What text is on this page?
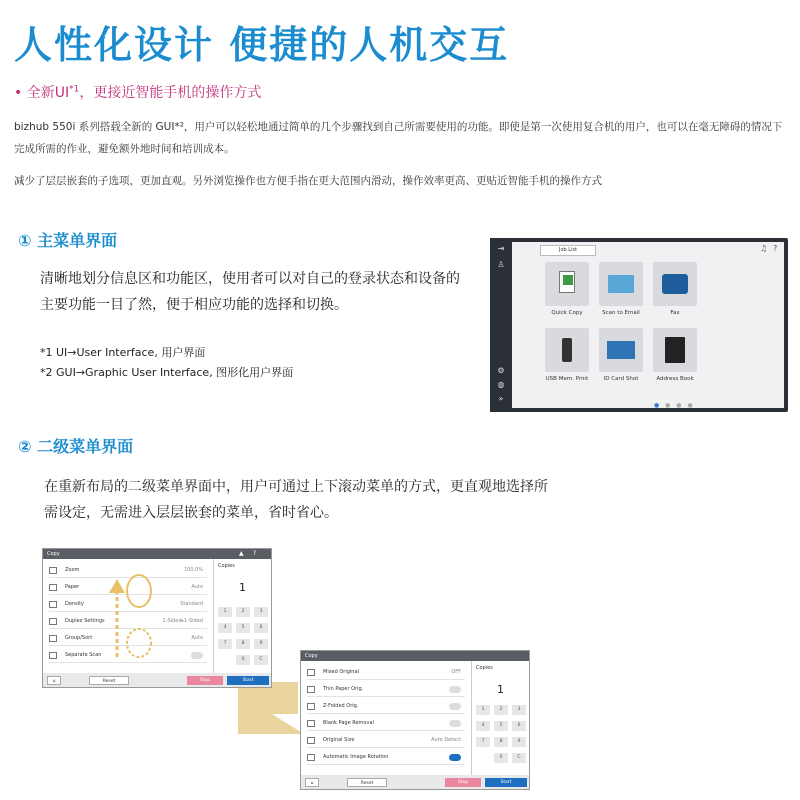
人性化设计 便捷的人机交互
• 全新UI$^{*1}$，更接近智能手机的操作方式
bizhub 550i 系列搭载全新的 GUI*²，用户可以轻松地通过简单的几个步骤找到自己所需要使用的功能。即使是第一次使用复合机的用户，也可以在毫无障碍的情况下完成所需的作业，避免额外地时间和培训成本。
减少了层层嵌套的子选项，更加直观。另外浏览操作也方便手指在更大范围内滑动，操作效率更高、更贴近智能手机的操作方式
① 主菜单界面
清晰地划分信息区和功能区，使用者可以对自己的登录状态和设备的主要功能一目了然，便于相应功能的选择和切换。
*1 UI→User Interface, 用户界面
*2 GUI→Graphic User Interface, 图形化用户界面
⇥
♙
⚙
◍
»
Job List	♫ ?
Quick Copy	Scan to Email	Fax
USB Mem. Print	ID Card Shot	Address Book
● ● ● ●
② 二级菜单界面
在重新布局的二级菜单界面中，用户可通过上下滚动菜单的方式，更直观地选择所需设定，无需进入层层嵌套的菜单，省时省心。
Copy	▲ ?
Zoom	100.0%
Paper	Auto
Density	Standard
Duplex Settings	1-Sided▸1-Sided
Group/Sort	Auto
Separate Scan
Copies
1
1	2	3
4	5	6
7	8	9
0	C
⌂	Reset	Stop	Start
Copy
Mixed Original	OFF
Thin Paper Orig.
Z-Folded Orig.
Blank Page Removal
Original Size	Auto Detect
Automatic Image Rotation
Copies
1
1	2	3
4	5	6
7	8	9
0	C
⌂	Reset	Stop	Start
